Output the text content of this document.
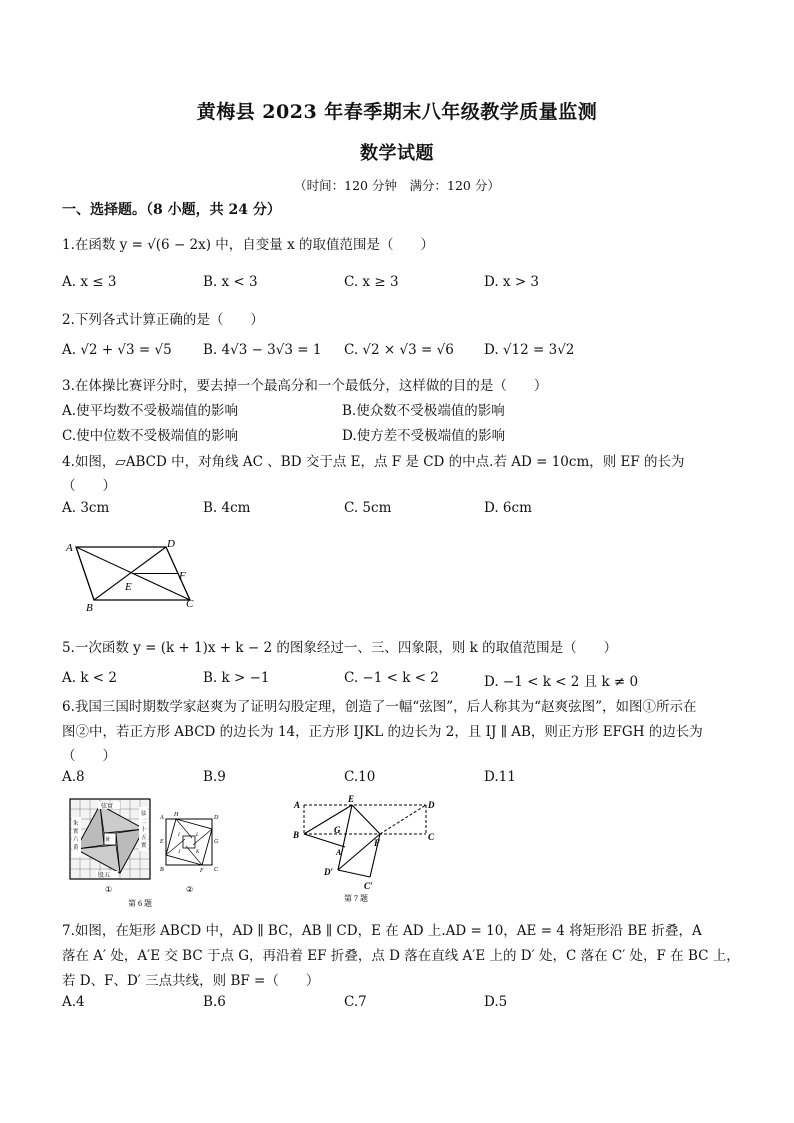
黄梅县 2023 年春季期末八年级教学质量监测
数学试题
（时间：120 分钟　满分：120 分）
一、选择题。（8 小题，共 24 分）
1.在函数 y = √(6 − 2x) 中，自变量 x 的取值范围是（　　）
A. x ≤ 3	B. x < 3	C. x ≥ 3	D. x > 3
2.下列各式计算正确的是（　　）
A. √2 + √3 = √5 B. 4√3 − 3√3 = 1 C. √2 × √3 = √6 D. √12 = 3√2
3.在体操比赛评分时，要去掉一个最高分和一个最低分，这样做的目的是（　　）
A.使平均数不受极端值的影响	B.使众数不受极端值的影响
C.使中位数不受极端值的影响	D.使方差不受极端值的影响
4.如图，▱ABCD 中，对角线 AC 、BD 交于点 E，点 F 是 CD 的中点.若 AD = 10cm，则 EF 的长为
（　　）
A. 3cm	B. 4cm	C. 5cm	D. 6cm
A	D
F
E
B	C
5.一次函数 y = (k + 1)x + k − 2 的图象经过一、三、四象限，则 k 的取值范围是（　　）
A. k < 2	B. k > −1	C. −1 < k < 2	D. −1 < k < 2 且 k ≠ 0
6.我国三国时期数学家赵爽为了证明勾股定理，创造了一幅“弦图”，后人称其为“赵爽弦图”，如图①所示在
图②中，若正方形 ABCD 的边长为 14，正方形 IJKL 的边长为 2，且 IJ ∥ AB，则正方形 EFGH 的边长为
（　　）
A.8	B.9	C.10	D.11
弦實
朱
實
六
黄
弦
二
十
五
實
股五
黄
①
A H	D
E
I	L
K
J
G
B	F C
②
第 6 题
A
E
D
B	G
C
A′
F
D′
C′
第 7 题
7.如图，在矩形 ABCD 中，AD ∥ BC，AB ∥ CD，E 在 AD 上.AD = 10，AE = 4 将矩形沿 BE 折叠，A
落在 A′ 处，A′E 交 BC 于点 G，再沿着 EF 折叠，点 D 落在直线 A′E 上的 D′ 处，C 落在 C′ 处，F 在 BC 上，
若 D、F、D′ 三点共线，则 BF =（　　）
A.4	B.6	C.7	D.5
